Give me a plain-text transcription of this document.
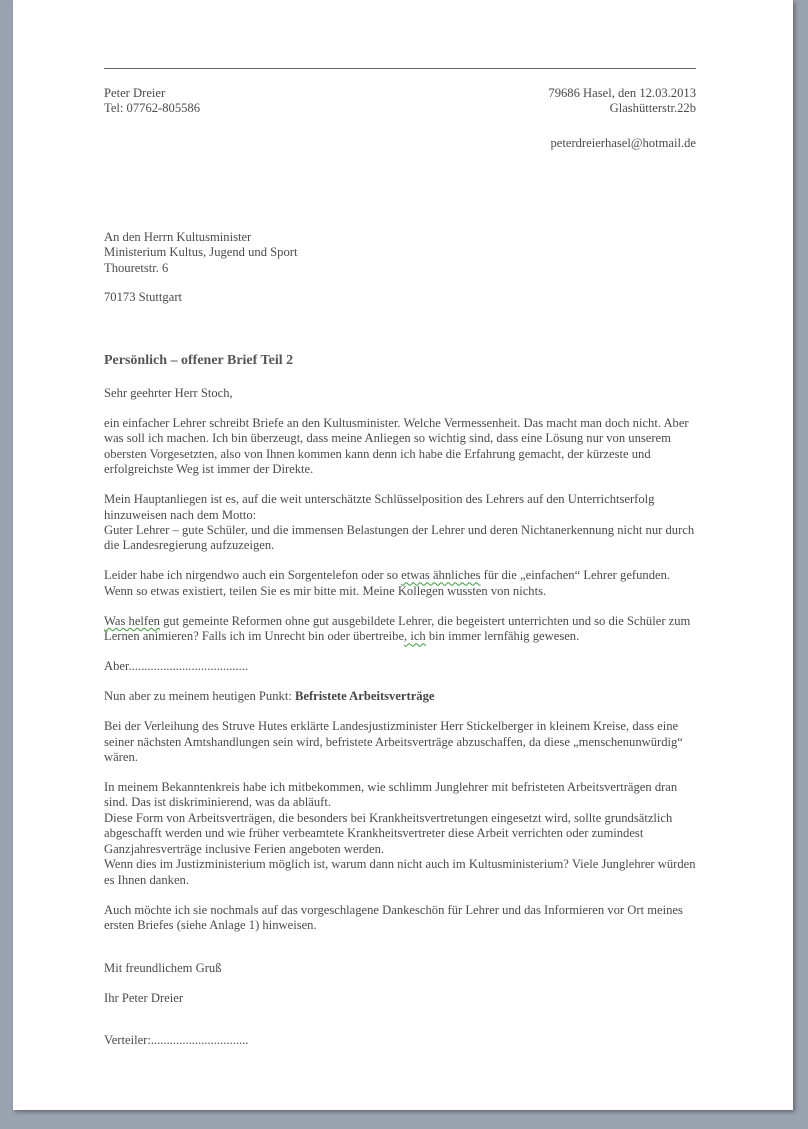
Peter Dreier
Tel: 07762-805586
79686 Hasel, den 12.03.2013
Glashütterstr.22b
peterdreierhasel@hotmail.de
An den Herrn Kultusminister
Ministerium Kultus, Jugend und Sport
Thouretstr. 6
70173 Stuttgart
Persönlich – offener Brief Teil 2

Sehr geehrter Herr Stoch,

ein einfacher Lehrer schreibt Briefe an den Kultusminister. Welche Vermessenheit. Das macht man doch nicht. Aber was soll ich machen. Ich bin überzeugt, dass meine Anliegen so wichtig sind, dass eine Lösung nur von unserem obersten Vorgesetzten, also von Ihnen kommen kann denn ich habe die Erfahrung gemacht, der kürzeste und erfolgreichste Weg ist immer der Direkte.

Mein Hauptanliegen ist es, auf die weit unterschätzte Schlüsselposition des Lehrers auf den Unterrichtserfolg hinzuweisen nach dem Motto:
Guter Lehrer – gute Schüler, und die immensen Belastungen der Lehrer und deren Nichtanerkennung nicht nur durch die Landesregierung aufzuzeigen.

Leider habe ich nirgendwo auch ein Sorgentelefon oder so etwas ähnliches für die „einfachen“ Lehrer gefunden. Wenn so etwas existiert, teilen Sie es mir bitte mit. Meine Kollegen wussten von nichts.

Was helfen gut gemeinte Reformen ohne gut ausgebildete Lehrer, die begeistert unterrichten und so die Schüler zum Lernen animieren? Falls ich im Unrecht bin oder übertreibe, ich bin immer lernfähig gewesen.

Aber......................................

Nun aber zu meinem heutigen Punkt: Befristete Arbeitsverträge

Bei der Verleihung des Struve Hutes erklärte Landesjustizminister Herr Stickelberger in kleinem Kreise, dass eine seiner nächsten Amtshandlungen sein wird, befristete Arbeitsverträge abzuschaffen, da diese „menschenunwürdig“ wären.

In meinem Bekanntenkreis habe ich mitbekommen, wie schlimm Junglehrer mit befristeten Arbeitsverträgen dran sind. Das ist diskriminierend, was da abläuft.
Diese Form von Arbeitsverträgen, die besonders bei Krankheitsvertretungen eingesetzt wird, sollte grundsätzlich abgeschafft werden und wie früher verbeamtete Krankheitsvertreter diese Arbeit verrichten oder zumindest Ganzjahresverträge inclusive Ferien angeboten werden.
Wenn dies im Justizministerium möglich ist, warum dann nicht auch im Kultusministerium? Viele Junglehrer würden es Ihnen danken.

Auch möchte ich sie nochmals auf das vorgeschlagene Dankeschön für Lehrer und das Informieren vor Ort meines ersten Briefes (siehe Anlage 1) hinweisen.

Mit freundlichem Gruß

Ihr Peter Dreier

Verteiler:...............................
